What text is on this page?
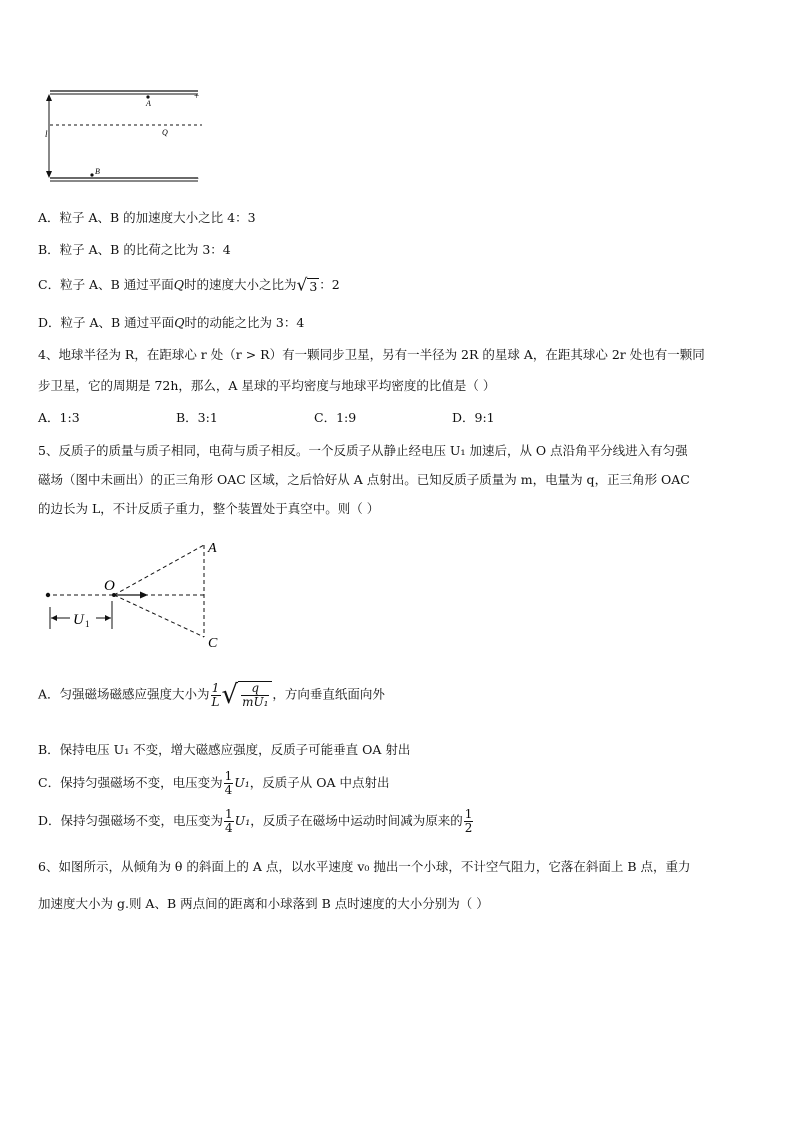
l
A
Q
B
+
−
A．粒子 A、B 的加速度大小之比 4：3
B．粒子 A、B 的比荷之比为 3：4
C．粒子 A、B 通过平面Q时的速度大小之比为√ 3 ：2
D．粒子 A、B 通过平面Q时的动能之比为 3：4
4、地球半径为 R，在距球心 r 处（r > R）有一颗同步卫星，另有一半径为 2R 的星球 A，在距其球心 2r 处也有一颗同
步卫星，它的周期是 72h，那么，A 星球的平均密度与地球平均密度的比值是（ ）
A．1:3	B．3:1	C．1:9	D．9:1
5、反质子的质量与质子相同，电荷与质子相反。一个反质子从静止经电压 U₁ 加速后，从 O 点沿角平分线进入有匀强
磁场（图中未画出）的正三角形 OAC 区域，之后恰好从 A 点射出。已知反质子质量为 m，电量为 q，正三角形 OAC
的边长为 L，不计反质子重力，整个装置处于真空中。则（ ）
A
O
C
U 1
A．匀强磁场磁感应强度大小为 $\frac{1}{L}$ √ $\frac{q}{\text{mU₁}}$ ，方向垂直纸面向外
B．保持电压 U₁ 不变，增大磁感应强度，反质子可能垂直 OA 射出
C．保持匀强磁场不变，电压变为 $\frac{1}{4} U_1$，反质子从 OA 中点射出
D．保持匀强磁场不变，电压变为 $\frac{1}{4} U_1$，反质子在磁场中运动时间减为原来的 $\frac{1}{2}$
6、如图所示，从倾角为 θ 的斜面上的 A 点，以水平速度 v₀ 抛出一个小球，不计空气阻力，它落在斜面上 B 点，重力
加速度大小为 g.则 A、B 两点间的距离和小球落到 B 点时速度的大小分别为（ ）
